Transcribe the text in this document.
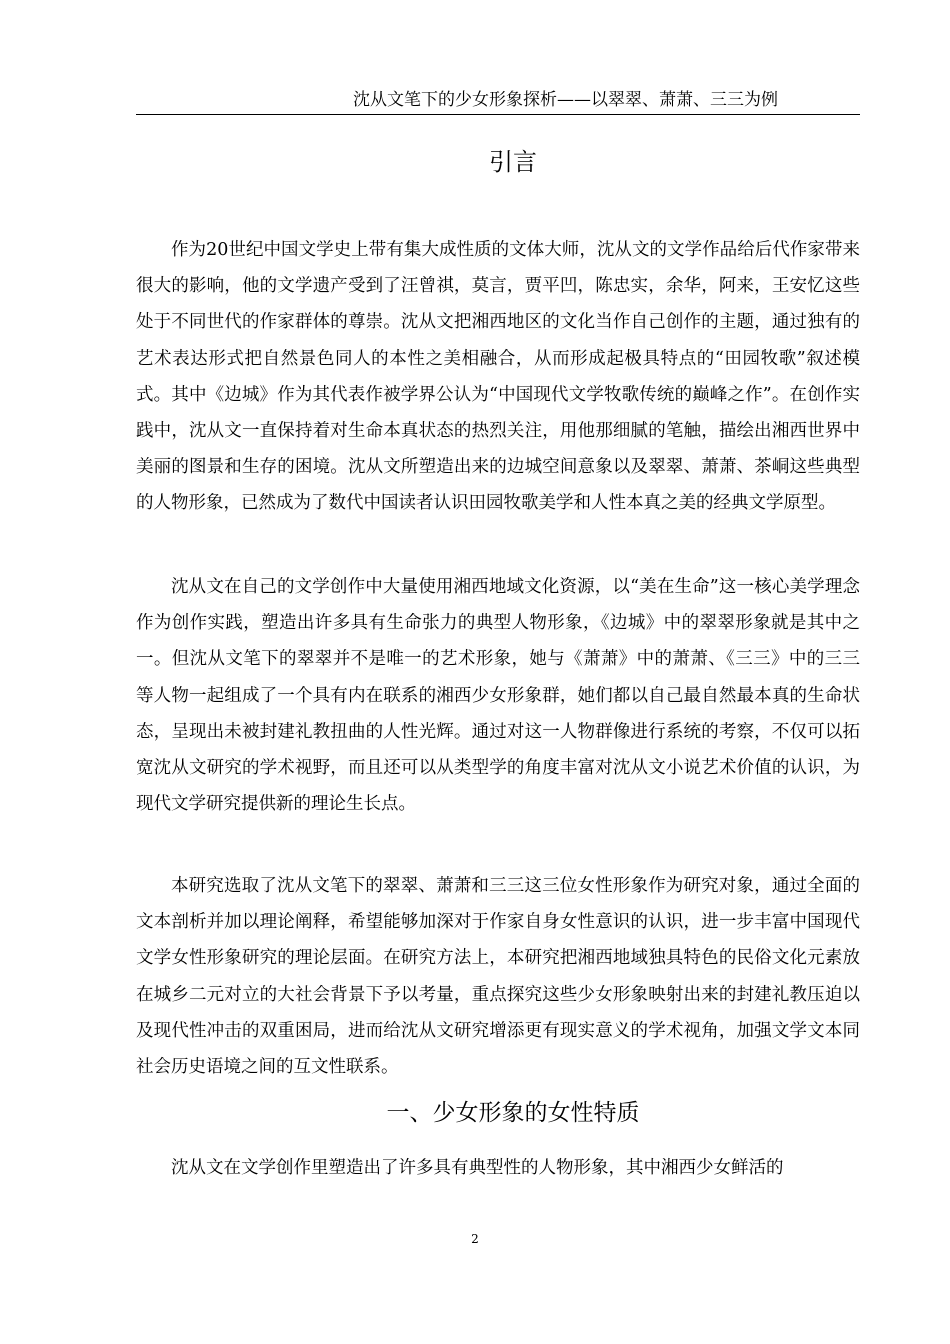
沈从文笔下的少女形象探析——以翠翠、萧萧、三三为例
引言

作为20世纪中国文学史上带有集大成性质的文体大师，沈从文的文学作品给后代作家带来很大的影响，他的文学遗产受到了汪曾祺，莫言，贾平凹，陈忠实，余华，阿来，王安忆这些处于不同世代的作家群体的尊崇。沈从文把湘西地区的文化当作自己创作的主题，通过独有的艺术表达形式把自然景色同人的本性之美相融合，从而形成起极具特点的“田园牧歌”叙述模式。其中《边城》作为其代表作被学界公认为“中国现代文学牧歌传统的巅峰之作”。在创作实践中，沈从文一直保持着对生命本真状态的热烈关注，用他那细腻的笔触，描绘出湘西世界中美丽的图景和生存的困境。沈从文所塑造出来的边城空间意象以及翠翠、萧萧、茶峒这些典型的人物形象，已然成为了数代中国读者认识田园牧歌美学和人性本真之美的经典文学原型。

沈从文在自己的文学创作中大量使用湘西地域文化资源，以“美在生命”这一核心美学理念作为创作实践，塑造出许多具有生命张力的典型人物形象，《边城》中的翠翠形象就是其中之一。但沈从文笔下的翠翠并不是唯一的艺术形象，她与《萧萧》中的萧萧、《三三》中的三三等人物一起组成了一个具有内在联系的湘西少女形象群，她们都以自己最自然最本真的生命状态，呈现出未被封建礼教扭曲的人性光辉。通过对这一人物群像进行系统的考察，不仅可以拓宽沈从文研究的学术视野，而且还可以从类型学的角度丰富对沈从文小说艺术价值的认识，为现代文学研究提供新的理论生长点。

本研究选取了沈从文笔下的翠翠、萧萧和三三这三位女性形象作为研究对象，通过全面的文本剖析并加以理论阐释，希望能够加深对于作家自身女性意识的认识，进一步丰富中国现代文学女性形象研究的理论层面。在研究方法上，本研究把湘西地域独具特色的民俗文化元素放在城乡二元对立的大社会背景下予以考量，重点探究这些少女形象映射出来的封建礼教压迫以及现代性冲击的双重困局，进而给沈从文研究增添更有现实意义的学术视角，加强文学文本同社会历史语境之间的互文性联系。

一、少女形象的女性特质

沈从文在文学创作里塑造出了许多具有典型性的人物形象，其中湘西少女鲜活的

2
